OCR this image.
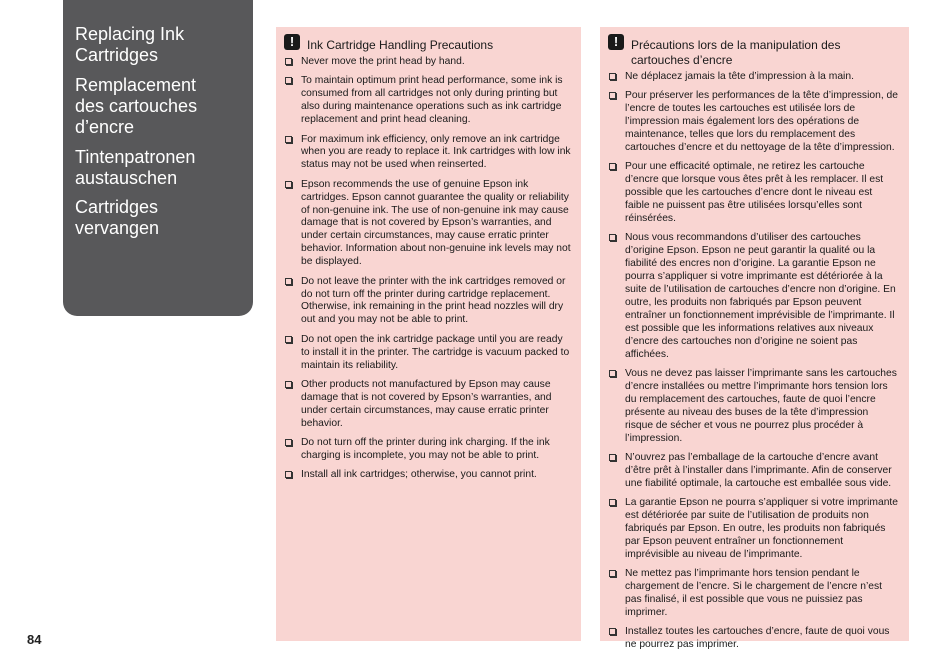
Replacing Ink
Cartridges
Remplacement
des cartouches
d’encre
Tintenpatronen
austauschen
Cartridges
vervangen
84
!	Ink Cartridge Handling Precautions
Never move the print head by hand.
To maintain optimum print head performance, some ink is consumed from all cartridges not only during printing but also during maintenance operations such as ink cartridge replacement and print head cleaning.
For maximum ink efficiency, only remove an ink cartridge when you are ready to replace it. Ink cartridges with low ink status may not be used when reinserted.
Epson recommends the use of genuine Epson ink cartridges. Epson cannot guarantee the quality or reliability of non-genuine ink. The use of non-genuine ink may cause damage that is not covered by Epson’s warranties, and under certain circumstances, may cause erratic printer behavior. Information about non-genuine ink levels may not be displayed.
Do not leave the printer with the ink cartridges removed or do not turn off the printer during cartridge replacement. Otherwise, ink remaining in the print head nozzles will dry out and you may not be able to print.
Do not open the ink cartridge package until you are ready to install it in the printer. The cartridge is vacuum packed to maintain its reliability.
Other products not manufactured by Epson may cause damage that is not covered by Epson’s warranties, and under certain circumstances, may cause erratic printer behavior.
Do not turn off the printer during ink charging. If the ink charging is incomplete, you may not be able to print.
Install all ink cartridges; otherwise, you cannot print.
!	Précautions lors de la manipulation des cartouches d’encre
Ne déplacez jamais la tête d’impression à la main.
Pour préserver les performances de la tête d’impression, de l’encre de toutes les cartouches est utilisée lors de l’impression mais également lors des opérations de maintenance, telles que lors du remplacement des cartouches d’encre et du nettoyage de la tête d’impression.
Pour une efficacité optimale, ne retirez les cartouche d’encre que lorsque vous êtes prêt à les remplacer. Il est possible que les cartouches d’encre dont le niveau est faible ne puissent pas être utilisées lorsqu’elles sont réinsérées.
Nous vous recommandons d’utiliser des cartouches d’origine Epson. Epson ne peut garantir la qualité ou la fiabilité des encres non d’origine. La garantie Epson ne pourra s’appliquer si votre imprimante est détériorée à la suite de l’utilisation de cartouches d’encre non d’origine. En outre, les produits non fabriqués par Epson peuvent entraîner un fonctionnement imprévisible de l’imprimante. Il est possible que les informations relatives aux niveaux d’encre des cartouches non d’origine ne soient pas affichées.
Vous ne devez pas laisser l’imprimante sans les cartouches d’encre installées ou mettre l’imprimante hors tension lors du remplacement des cartouches, faute de quoi l’encre présente au niveau des buses de la tête d’impression risque de sécher et vous ne pourrez plus procéder à l’impression.
N’ouvrez pas l’emballage de la cartouche d’encre avant d’être prêt à l’installer dans l’imprimante. Afin de conserver une fiabilité optimale, la cartouche est emballée sous vide.
La garantie Epson ne pourra s’appliquer si votre imprimante est détériorée par suite de l’utilisation de produits non fabriqués par Epson. En outre, les produits non fabriqués par Epson peuvent entraîner un fonctionnement imprévisible au niveau de l’imprimante.
Ne mettez pas l’imprimante hors tension pendant le chargement de l’encre. Si le chargement de l’encre n’est pas finalisé, il est possible que vous ne puissiez pas imprimer.
Installez toutes les cartouches d’encre, faute de quoi vous ne pourrez pas imprimer.
